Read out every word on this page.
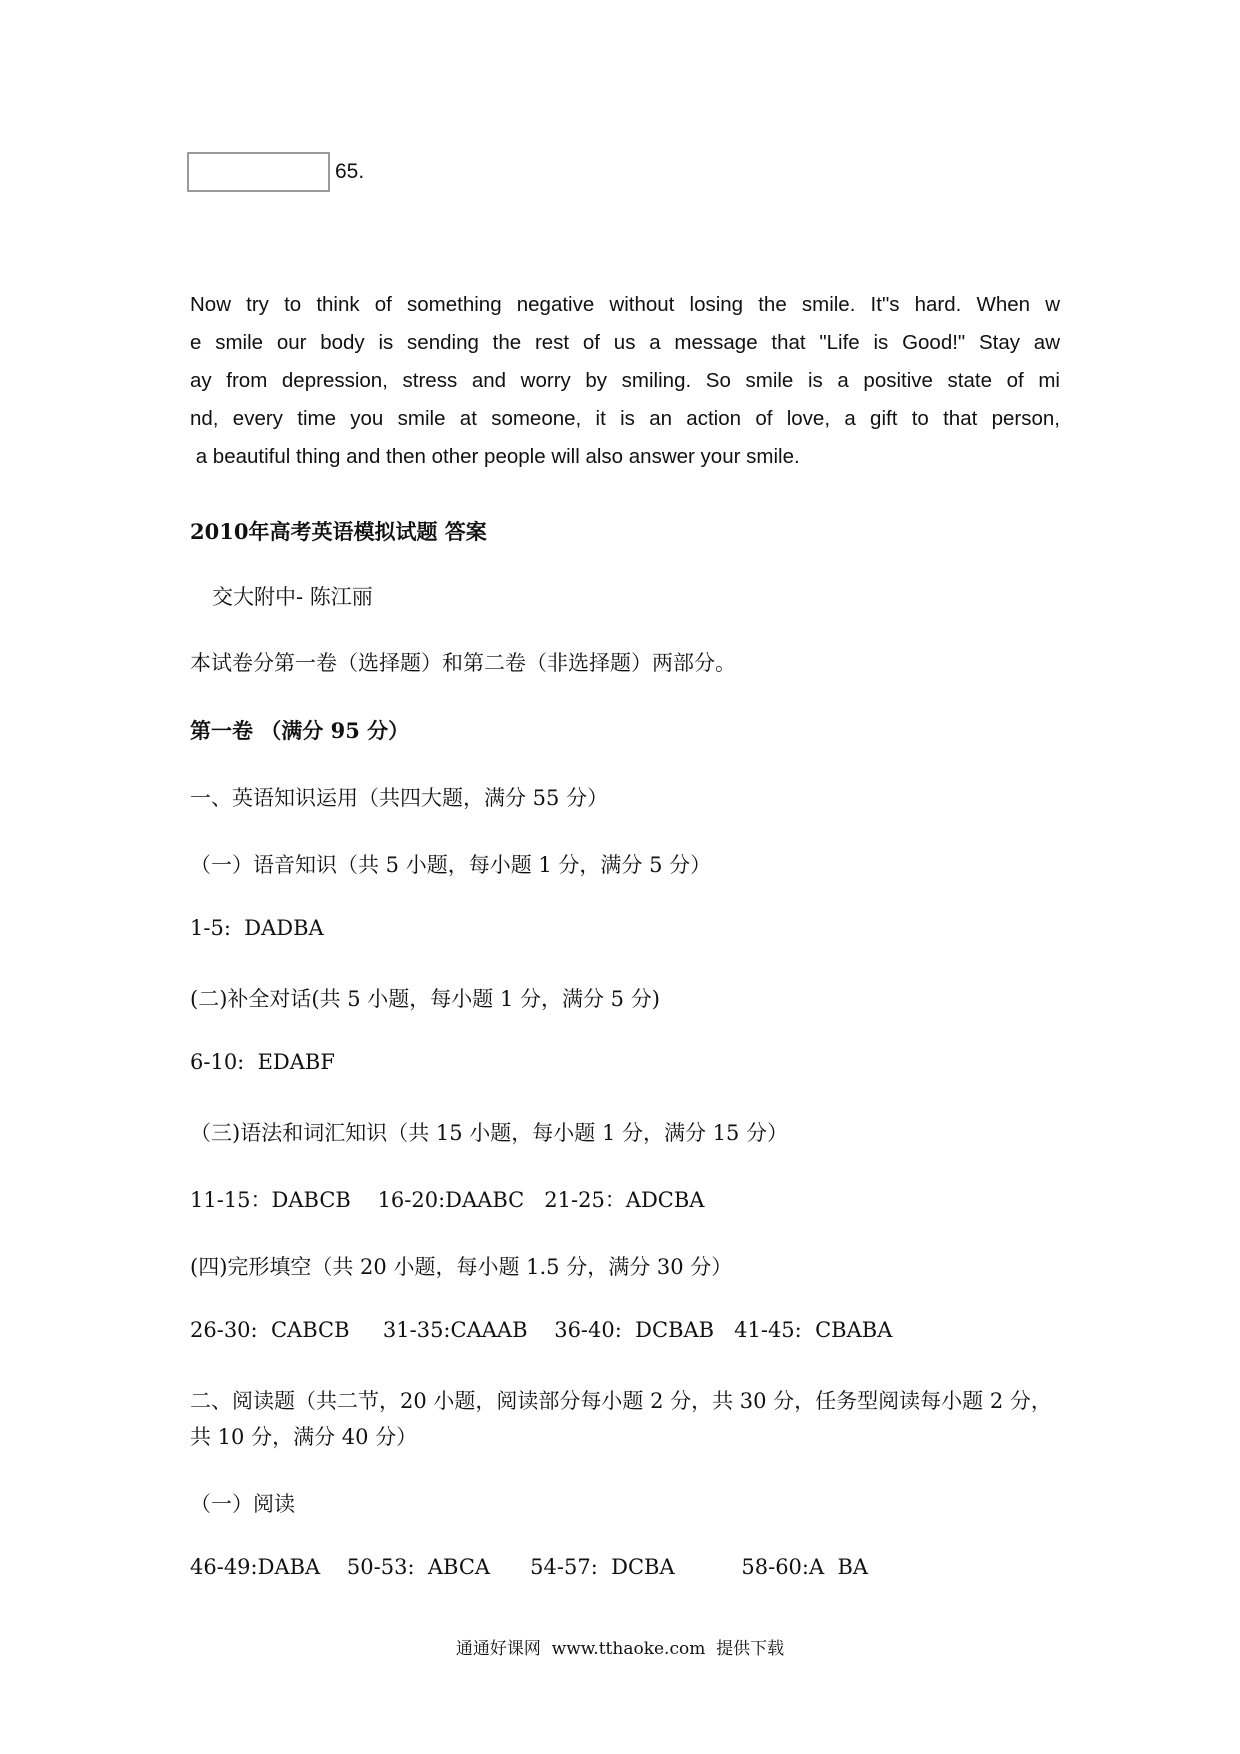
65.
Now try to think of something negative without losing the smile. It"s hard. When w
e smile our body is sending the rest of us a message that "Life is Good!" Stay aw
ay from depression, stress and worry by smiling. So smile is a positive state of mi
nd, every time you smile at someone, it is an action of love, a gift to that person,
a beautiful thing and then other people will also answer your smile.
2010年高考英语模拟试题 答案
交大附中- 陈江丽
本试卷分第一卷（选择题）和第二卷（非选择题）两部分。
第一卷 （满分 95 分）
一、英语知识运用（共四大题，满分 55 分）
（一）语音知识（共 5 小题，每小题 1 分，满分 5 分）
1-5:  DADBA
(二)补全对话(共 5 小题，每小题 1 分，满分 5 分)
6-10:  EDABF
（三)语法和词汇知识（共 15 小题，每小题 1 分，满分 15 分）
11-15：DABCB    16-20:DAABC   21-25：ADCBA
(四)完形填空（共 20 小题，每小题 1.5 分，满分 30 分）
26-30:  CABCB     31-35:CAAAB    36-40:  DCBAB   41-45:  CBABA
二、阅读题（共二节，20 小题，阅读部分每小题 2 分，共 30 分，任务型阅读每小题 2 分，
共 10 分，满分 40 分）
（一）阅读
46-49:DABA    50-53:  ABCA      54-57:  DCBA          58-60:A  BA
通通好课网  www.tthaoke.com  提供下载
